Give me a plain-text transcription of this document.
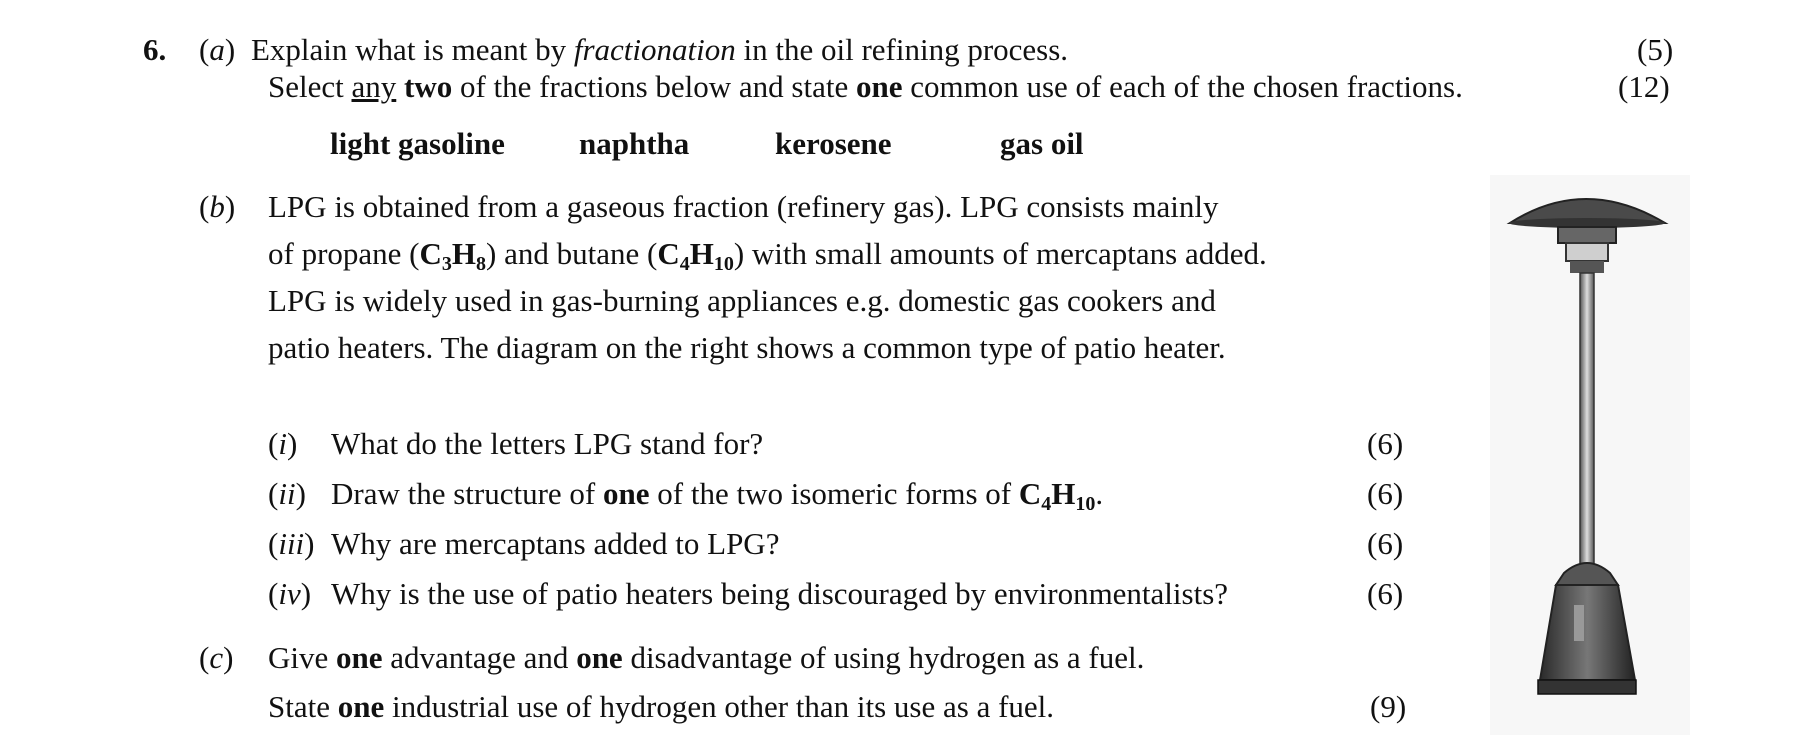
6. (a) Explain what is meant by fractionation in the oil refining process.	(5)
Select any two of the fractions below and state one common use of each of the chosen fractions.	(12)
light gasoline naphtha	kerosene	gas oil
(b) LPG is obtained from a gaseous fraction (refinery gas). LPG consists mainly
of propane $(C_3H_8)$ and butane $(C_4H_{10})$ with small amounts of mercaptans added.
LPG is widely used in gas-burning appliances e.g. domestic gas cookers and
patio heaters. The diagram on the right shows a common type of patio heater.
(i) What do the letters LPG stand for?	(6)
(ii) Draw the structure of one of the two isomeric forms of $C_4H_{10}$.	(6)
(iii) Why are mercaptans added to LPG?	(6)
(iv) Why is the use of patio heaters being discouraged by environmentalists?	(6)
(c) Give one advantage and one disadvantage of using hydrogen as a fuel.
State one industrial use of hydrogen other than its use as a fuel.	(9)
